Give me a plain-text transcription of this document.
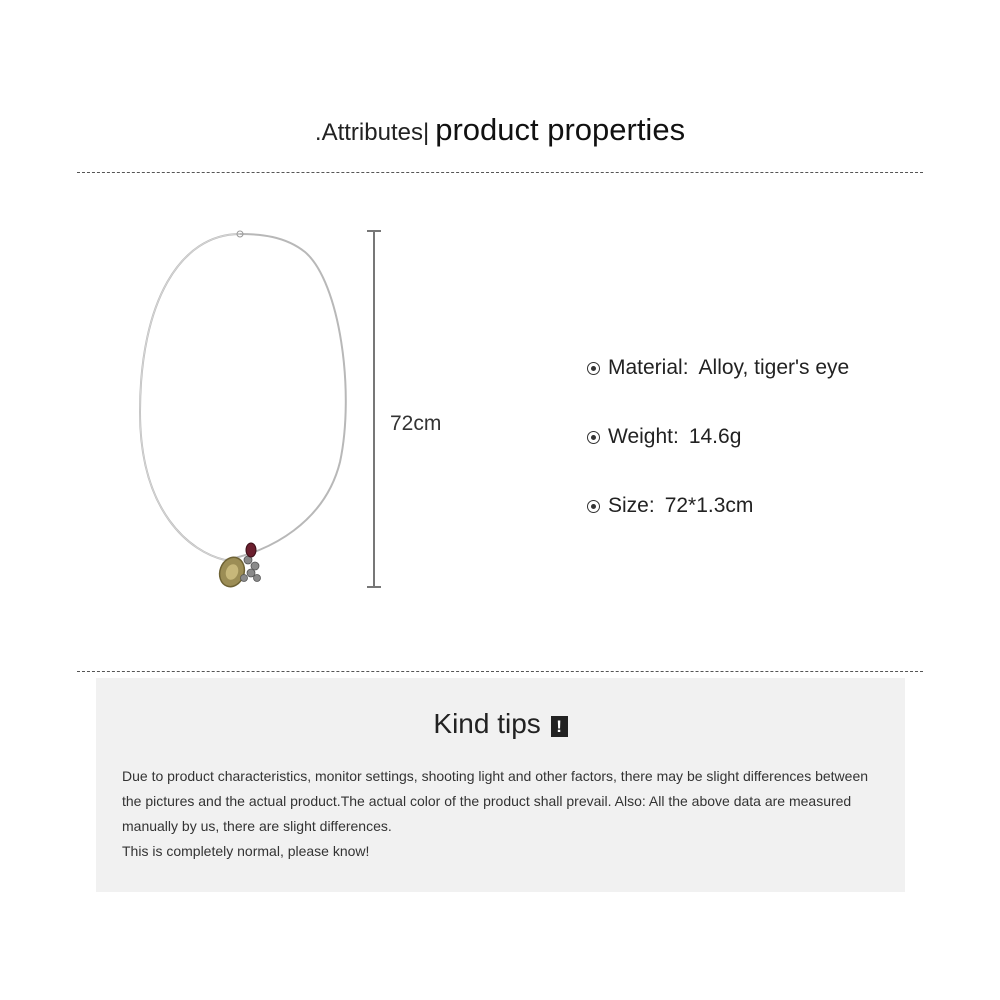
.Attributes| product properties
72cm
Material: Alloy, tiger's eye
Weight: 14.6g
Size: 72*1.3cm
Kind tips !

Due to product characteristics, monitor settings, shooting light and other factors, there may be slight differences between the pictures and the actual product.The actual color of the product shall prevail. Also: All the above data are measured manually by us, there are slight differences.

This is completely normal, please know!
